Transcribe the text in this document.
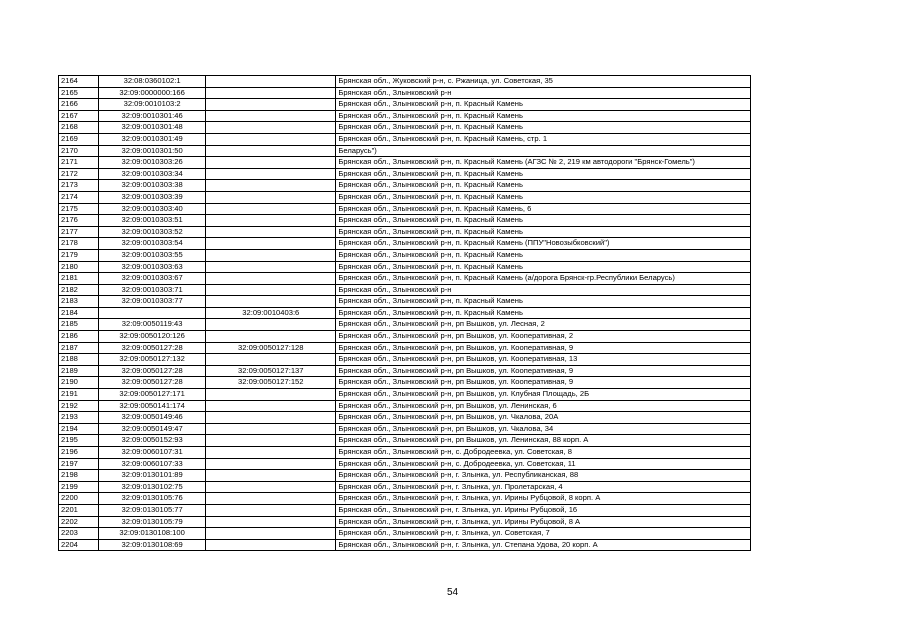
2164	32:08:0360102:1		Брянская обл., Жуковский р-н, с. Ржаница, ул. Советская, 35
2165	32:09:0000000:166		Брянская обл., Злынковский р-н
2166	32:09:0010103:2		Брянская обл., Злынковский р-н, п. Красный Камень
2167	32:09:0010301:46		Брянская обл., Злынковский р-н, п. Красный Камень
2168	32:09:0010301:48		Брянская обл., Злынковский р-н, п. Красный Камень
2169	32:09:0010301:49		Брянская обл., Злынковский р-н, п. Красный Камень, стр. 1
2170	32:09:0010301:50		Беларусь")
2171	32:09:0010303:26		Брянская обл., Злынковский р-н, п. Красный Камень (АГЗС № 2, 219 км автодороги "Брянск-Гомель")
2172	32:09:0010303:34		Брянская обл., Злынковский р-н, п. Красный Камень
2173	32:09:0010303:38		Брянская обл., Злынковский р-н, п. Красный Камень
2174	32:09:0010303:39		Брянская обл., Злынковский р-н, п. Красный Камень
2175	32:09:0010303:40		Брянская обл., Злынковский р-н, п. Красный Камень, 6
2176	32:09:0010303:51		Брянская обл., Злынковский р-н, п. Красный Камень
2177	32:09:0010303:52		Брянская обл., Злынковский р-н, п. Красный Камень
2178	32:09:0010303:54		Брянская обл., Злынковский р-н, п. Красный Камень (ППУ"Новозыбковский")
2179	32:09:0010303:55		Брянская обл., Злынковский р-н, п. Красный Камень
2180	32:09:0010303:63		Брянская обл., Злынковский р-н, п. Красный Камень
2181	32:09:0010303:67		Брянская обл., Злынковский р-н, п. Красный Камень (а/дорога Брянск-гр.Республики Беларусь)
2182	32:09:0010303:71		Брянская обл., Злынковский р-н
2183	32:09:0010303:77		Брянская обл., Злынковский р-н, п. Красный Камень
2184		32:09:0010403:6	Брянская обл., Злынковский р-н, п. Красный Камень
2185	32:09:0050119:43		Брянская обл., Злынковский р-н, рп Вышков, ул. Лесная, 2
2186	32:09:0050120:126		Брянская обл., Злынковский р-н, рп Вышков, ул. Кооперативная, 2
2187	32:09:0050127:28	32:09:0050127:128	Брянская обл., Злынковский р-н, рп Вышков, ул. Кооперативная, 9
2188	32:09:0050127:132		Брянская обл., Злынковский р-н, рп Вышков, ул. Кооперативная, 13
2189	32:09:0050127:28	32:09:0050127:137	Брянская обл., Злынковский р-н, рп Вышков, ул. Кооперативная, 9
2190	32:09:0050127:28	32:09:0050127:152	Брянская обл., Злынковский р-н, рп Вышков, ул. Кооперативная, 9
2191	32:09:0050127:171		Брянская обл., Злынковский р-н, рп Вышков, ул. Клубная Площадь, 2Б
2192	32:09:0050141:174		Брянская обл., Злынковский р-н, рп Вышков, ул. Ленинская, 6
2193	32:09:0050149:46		Брянская обл., Злынковский р-н, рп Вышков, ул. Чкалова, 20А
2194	32:09:0050149:47		Брянская обл., Злынковский р-н, рп Вышков, ул. Чкалова, 34
2195	32:09:0050152:93		Брянская обл., Злынковский р-н, рп Вышков, ул. Ленинская, 88 корп. А
2196	32:09:0060107:31		Брянская обл., Злынковский р-н, с. Добродеевка, ул. Советская, 8
2197	32:09:0060107:33		Брянская обл., Злынковский р-н, с. Добродеевка, ул. Советская, 11
2198	32:09:0130101:89		Брянская обл., Злынковский р-н, г. Злынка, ул. Республиканская, 88
2199	32:09:0130102:75		Брянская обл., Злынковский р-н, г. Злынка, ул. Пролетарская, 4
2200	32:09:0130105:76		Брянская обл., Злынковский р-н, г. Злынка, ул. Ирины Рубцовой, 8 корп. А
2201	32:09:0130105:77		Брянская обл., Злынковский р-н, г. Злынка, ул. Ирины Рубцовой, 16
2202	32:09:0130105:79		Брянская обл., Злынковский р-н, г. Злынка, ул. Ирины Рубцовой, 8 А
2203	32:09:0130108:100		Брянская обл., Злынковский р-н, г. Злынка, ул. Советская, 7
2204	32:09:0130108:69		Брянская обл., Злынковский р-н, г. Злынка, ул. Степана Удова, 20 корп. А
54
